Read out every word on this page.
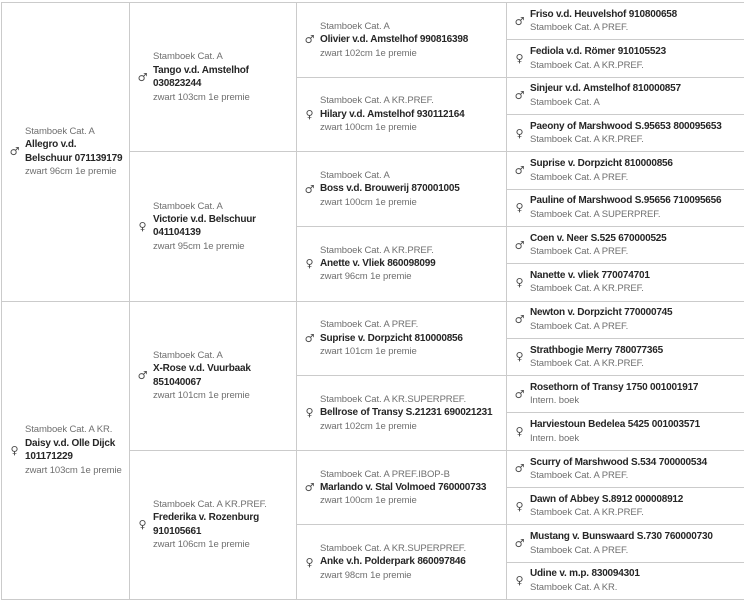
♂
Stamboek Cat. A
Allegro v.d. Belschuur 071139179
zwart 96cm 1e premie
♀
Stamboek Cat. A KR.
Daisy v.d. Olle Dijck 101171229
zwart 103cm 1e premie
♂
Stamboek Cat. A
Tango v.d. Amstelhof 030823244
zwart 103cm 1e premie
♀
Stamboek Cat. A
Victorie v.d. Belschuur 041104139
zwart 95cm 1e premie
♂
Stamboek Cat. A
X-Rose v.d. Vuurbaak 851040067
zwart 101cm 1e premie
♀
Stamboek Cat. A KR.PREF.
Frederika v. Rozenburg 910105661
zwart 106cm 1e premie
♂
Stamboek Cat. A
Olivier v.d. Amstelhof 990816398
zwart 102cm 1e premie
♀
Stamboek Cat. A KR.PREF.
Hilary v.d. Amstelhof 930112164
zwart 100cm 1e premie
♂
Stamboek Cat. A
Boss v.d. Brouwerij 870001005
zwart 100cm 1e premie
♀
Stamboek Cat. A KR.PREF.
Anette v. Vliek 860098099
zwart 96cm 1e premie
♂
Stamboek Cat. A PREF.
Suprise v. Dorpzicht 810000856
zwart 101cm 1e premie
♀
Stamboek Cat. A KR.SUPERPREF.
Bellrose of Transy S.21231 690021231
zwart 102cm 1e premie
♂
Stamboek Cat. A PREF.IBOP-B
Marlando v. Stal Volmoed 760000733
zwart 100cm 1e premie
♀
Stamboek Cat. A KR.SUPERPREF.
Anke v.h. Polderpark 860097846
zwart 98cm 1e premie
♂
Friso v.d. Heuvelshof 910800658
Stamboek Cat. A PREF.
♀
Fediola v.d. Römer 910105523
Stamboek Cat. A KR.PREF.
♂
Sinjeur v.d. Amstelhof 810000857
Stamboek Cat. A
♀
Paeony of Marshwood S.95653 800095653
Stamboek Cat. A KR.PREF.
♂
Suprise v. Dorpzicht 810000856
Stamboek Cat. A PREF.
♀
Pauline of Marshwood S.95656 710095656
Stamboek Cat. A SUPERPREF.
♂
Coen v. Neer S.525 670000525
Stamboek Cat. A PREF.
♀
Nanette v. vliek 770074701
Stamboek Cat. A KR.PREF.
♂
Newton v. Dorpzicht 770000745
Stamboek Cat. A PREF.
♀
Strathbogie Merry 780077365
Stamboek Cat. A KR.PREF.
♂
Rosethorn of Transy 1750 001001917
Intern. boek
♀
Harviestoun Bedelea 5425 001003571
Intern. boek
♂
Scurry of Marshwood S.534 700000534
Stamboek Cat. A PREF.
♀
Dawn of Abbey S.8912 000008912
Stamboek Cat. A KR.PREF.
♂
Mustang v. Bunswaard S.730 760000730
Stamboek Cat. A PREF.
♀
Udine v. m.p. 830094301
Stamboek Cat. A KR.
